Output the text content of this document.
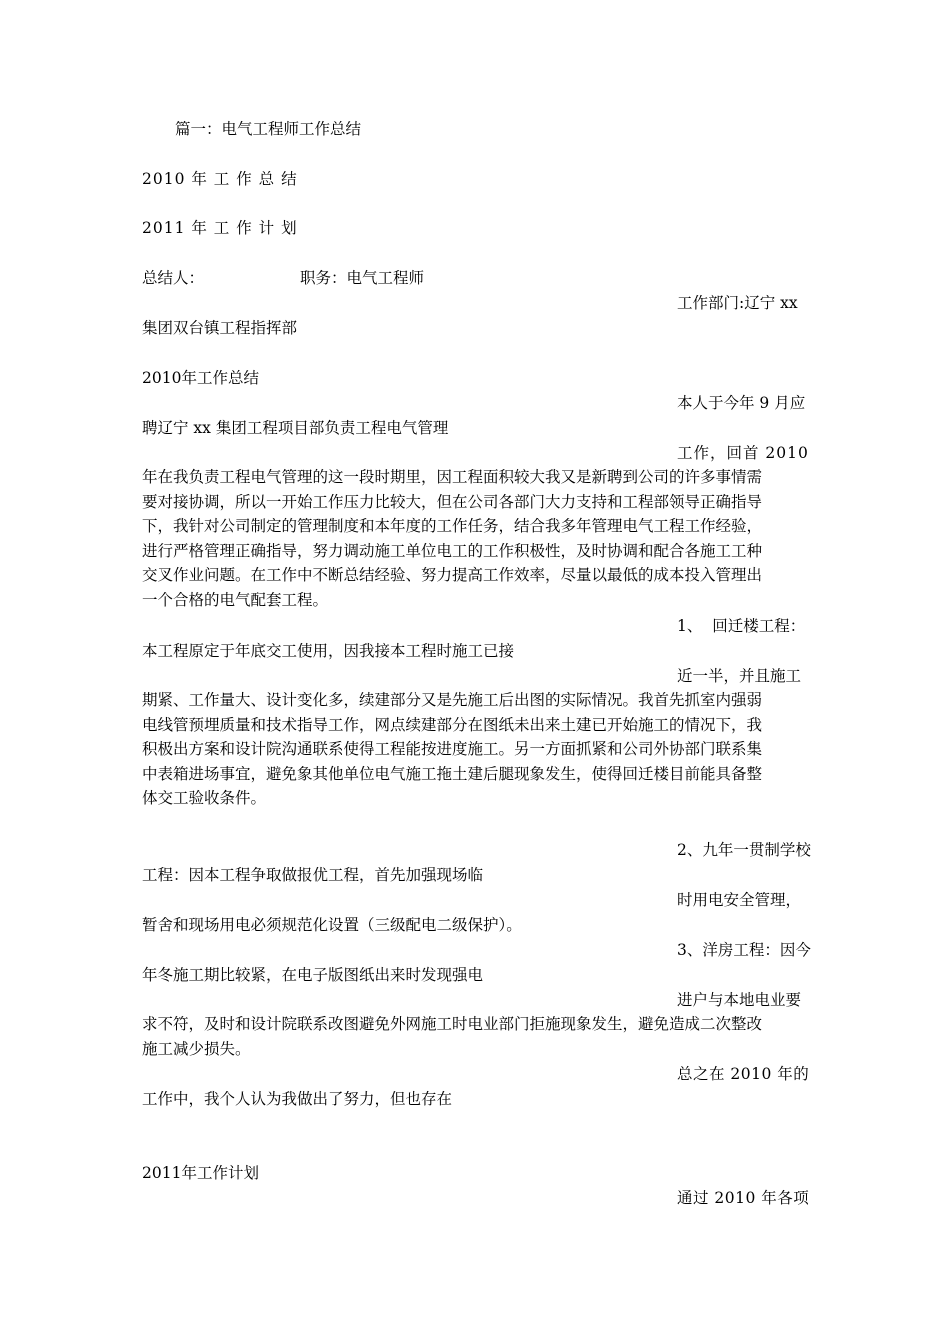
篇一：电气工程师工作总结
2010 年 工 作 总 结
2011 年 工 作 计 划
总结人：	职务：电气工程师
工作部门:辽宁 xx
集团双台镇工程指挥部
2010年工作总结
本人于今年 9 月应
聘辽宁 xx 集团工程项目部负责工程电气管理
工作，回首 2010

年在我负责工程电气管理的这一段时期里，因工程面积较大我又是新聘到公司的许多事情需

要对接协调，所以一开始工作压力比较大，但在公司各部门大力支持和工程部领导正确指导

下，我针对公司制定的管理制度和本年度的工作任务，结合我多年管理电气工程工作经验，

进行严格管理正确指导，努力调动施工单位电工的工作积极性，及时协调和配合各施工工种

交叉作业问题。在工作中不断总结经验、努力提高工作效率，尽量以最低的成本投入管理出

一个合格的电气配套工程。

1、  回迁楼工程：
本工程原定于年底交工使用，因我接本工程时施工已接
近一半，并且施工

期紧、工作量大、设计变化多，续建部分又是先施工后出图的实际情况。我首先抓室内强弱

电线管预埋质量和技术指导工作，网点续建部分在图纸未出来土建已开始施工的情况下，我

积极出方案和设计院沟通联系使得工程能按进度施工。另一方面抓紧和公司外协部门联系集

中表箱进场事宜，避免象其他单位电气施工拖土建后腿现象发生，使得回迁楼目前能具备整

体交工验收条件。

2、九年一贯制学校
工程：因本工程争取做报优工程，首先加强现场临
时用电安全管理，
暂舍和现场用电必须规范化设置（三级配电二级保护）。
3、洋房工程：因今
年冬施工期比较紧，在电子版图纸出来时发现强电
进户与本地电业要

求不符，及时和设计院联系改图避免外网施工时电业部门拒施现象发生，避免造成二次整改

施工减少损失。

总之在 2010 年的
工作中，我个人认为我做出了努力，但也存在
2011年工作计划
通过 2010 年各项
